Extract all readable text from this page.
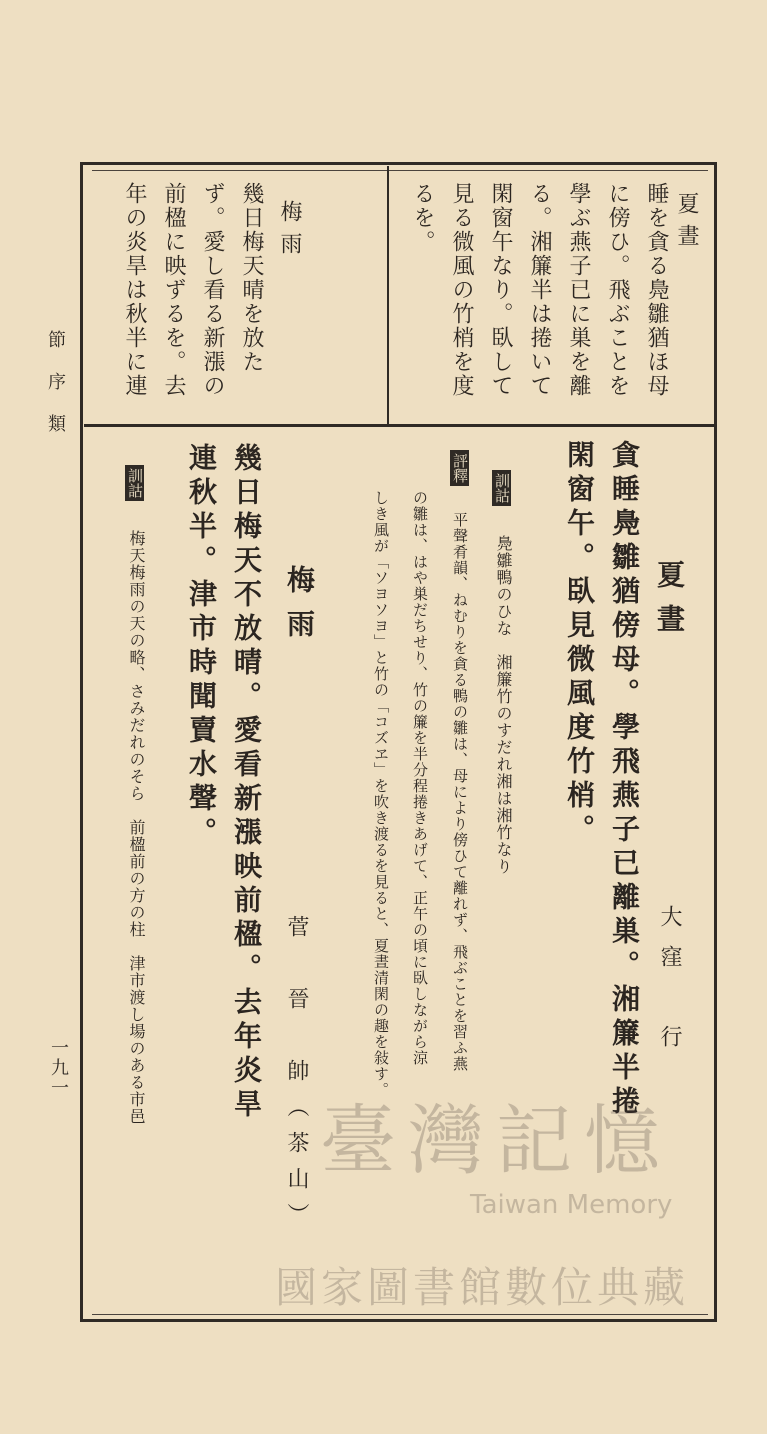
節序類
一九一
夏晝
睡を貪る鳧雛猶ほ母
に傍ひ。飛ぶことを
學ぶ燕子已に巣を離
る。湘簾半は捲いて
閑窗午なり。臥して
見る微風の竹梢を度
るを。
梅雨
幾日梅天晴を放た
ず。愛し看る新漲の
前楹に映ずるを。去
年の炎旱は秋半に連
夏晝
大窪　行
貪睡鳧雛猶傍母。學飛燕子已離巣。湘簾半捲
閑窗午。臥見微風度竹梢。
訓詁
鳧雛鴨のひな　湘簾竹のすだれ湘は湘竹なり
評釋
平聲肴韻、ねむりを貪る鴨の雛は、母により傍ひて離れず、飛ぶことを習ふ燕
の雛は、はや巣だちせり、竹の簾を半分程捲きあげて、正午の頃に臥しながら涼
しき風が「ソヨソヨ」と竹の「コズヱ」を吹き渡るを見ると、夏晝清閑の趣を敍す。
梅雨
菅　晉　帥（茶山）
幾日梅天不放晴。愛看新漲映前楹。去年炎旱
連秋半。津市時聞賣水聲。
訓詁
梅天梅雨の天の略、さみだれのそら　前楹前の方の柱　津市渡し場のある市邑
臺灣記憶
Taiwan Memory
國家圖書館數位典藏
